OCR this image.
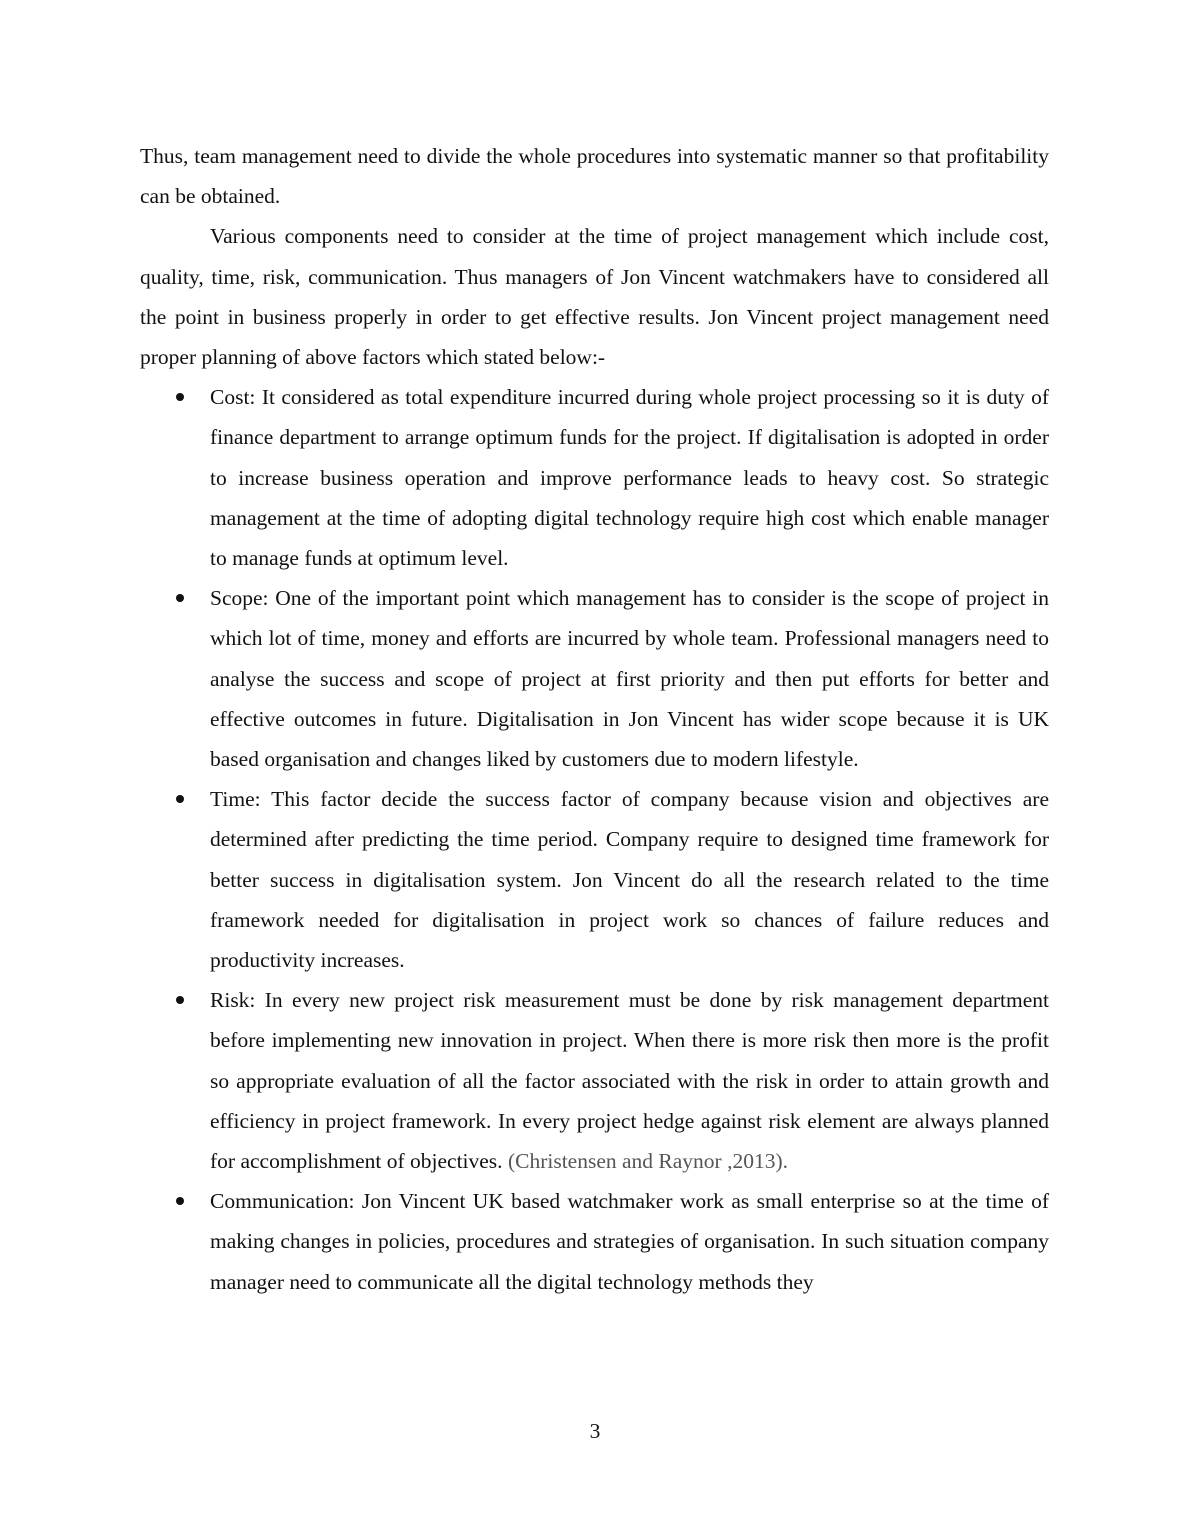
Thus, team management need to divide the whole procedures into systematic manner so that profitability can be obtained.

Various components need to consider at the time of project management which include cost, quality, time, risk, communication. Thus managers of Jon Vincent watchmakers have to considered all the point in business properly in order to get effective results. Jon Vincent project management need proper planning of above factors which stated below:-

Cost: It considered as total expenditure incurred during whole project processing so it is duty of finance department to arrange optimum funds for the project. If digitalisation is adopted in order to increase business operation and improve performance leads to heavy cost. So strategic management at the time of adopting digital technology require high cost which enable manager to manage funds at optimum level.
Scope: One of the important point which management has to consider is the scope of project in which lot of time, money and efforts are incurred by whole team. Professional managers need to analyse the success and scope of project at first priority and then put efforts for better and effective outcomes in future. Digitalisation in Jon Vincent has wider scope because it is UK based organisation and changes liked by customers due to modern lifestyle.
Time: This factor decide the success factor of company because vision and objectives are determined after predicting the time period. Company require to designed time framework for better success in digitalisation system. Jon Vincent do all the research related to the time framework needed for digitalisation in project work so chances of failure reduces and productivity increases.
Risk: In every new project risk measurement must be done by risk management department before implementing new innovation in project. When there is more risk then more is the profit so appropriate evaluation of all the factor associated with the risk in order to attain growth and efficiency in project framework. In every project hedge against risk element are always planned for accomplishment of objectives. (Christensen and Raynor ,2013).
Communication: Jon Vincent UK based watchmaker work as small enterprise so at the time of making changes in policies, procedures and strategies of organisation. In such situation company manager need to communicate all the digital technology methods they
3
